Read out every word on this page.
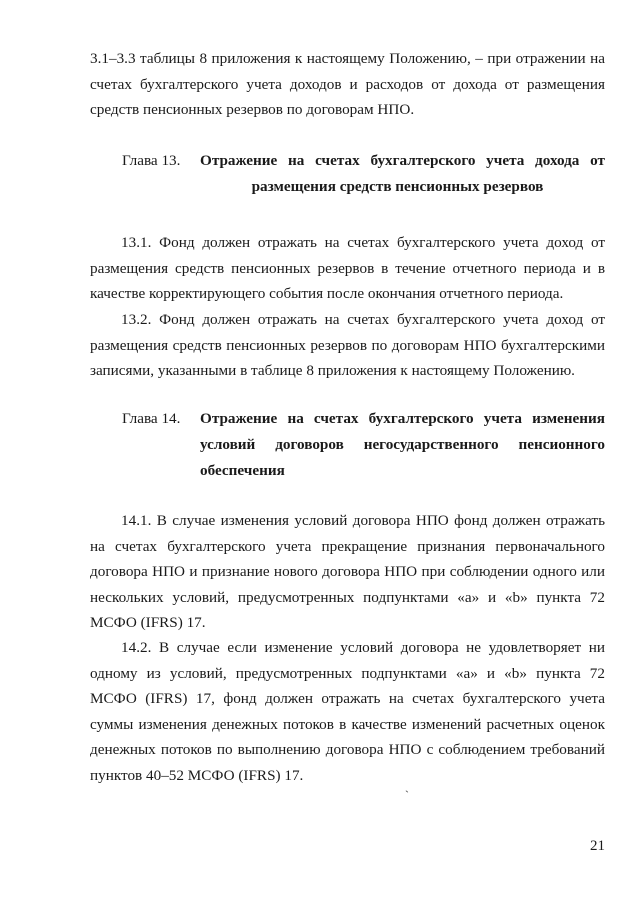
3.1–3.3 таблицы 8 приложения к настоящему Положению, – при отражении на счетах бухгалтерского учета доходов и расходов от дохода от размещения средств пенсионных резервов по договорам НПО.

Глава 13. Отражение на счетах бухгалтерского учета дохода от
размещения средств пенсионных резервов

13.1. Фонд должен отражать на счетах бухгалтерского учета доход от размещения средств пенсионных резервов в течение отчетного периода и в качестве корректирующего события после окончания отчетного периода.

13.2. Фонд должен отражать на счетах бухгалтерского учета доход от размещения средств пенсионных резервов по договорам НПО бухгалтерскими записями, указанными в таблице 8 приложения к настоящему Положению.

Глава 14. Отражение на счетах бухгалтерского учета изменения условий договоров негосударственного пенсионного обеспечения

14.1. В случае изменения условий договора НПО фонд должен отражать на счетах бухгалтерского учета прекращение признания первоначального договора НПО и признание нового договора НПО при соблюдении одного или нескольких условий, предусмотренных подпунктами «a» и «b» пункта 72 МСФО (IFRS) 17.

14.2. В случае если изменение условий договора не удовлетворяет ни одному из условий, предусмотренных подпунктами «a» и «b» пункта 72 МСФО (IFRS) 17, фонд должен отражать на счетах бухгалтерского учета суммы изменения денежных потоков в качестве изменений расчетных оценок денежных потоков по выполнению договора НПО с соблюдением требований пунктов 40–52 МСФО (IFRS) 17.

ˎ
21
